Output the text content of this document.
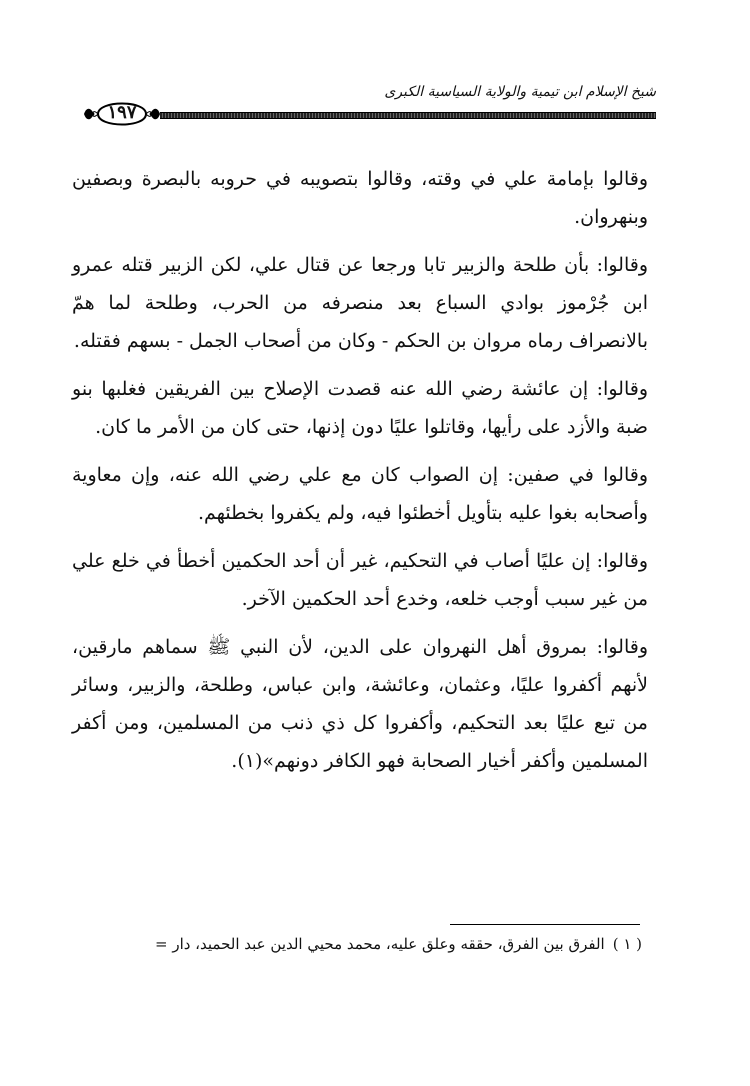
شيخ الإسلام ابن تيمية والولاية السياسية الكبرى
١٩٧

وقالوا بإمامة علي في وقته، وقالوا بتصويبه في حروبه بالبصرة وبصفين وبنهروان.

وقالوا: بأن طلحة والزبير تابا ورجعا عن قتال علي، لكن الزبير قتله عمرو ابن جُرْموز بوادي السباع بعد منصرفه من الحرب، وطلحة لما همّ بالانصراف رماه مروان بن الحكم - وكان من أصحاب الجمل - بسهم فقتله.

وقالوا: إن عائشة رضي الله عنه قصدت الإصلاح بين الفريقين فغلبها بنو ضبة والأزد على رأيها، وقاتلوا عليًا دون إذنها، حتى كان من الأمر ما كان.

وقالوا في صفين: إن الصواب كان مع علي رضي الله عنه، وإن معاوية وأصحابه بغوا عليه بتأويل أخطئوا فيه، ولم يكفروا بخطئهم.

وقالوا: إن عليًا أصاب في التحكيم، غير أن أحد الحكمين أخطأ في خلع علي من غير سبب أوجب خلعه، وخدع أحد الحكمين الآخر.

وقالوا: بمروق أهل النهروان على الدين، لأن النبي ﷺ سماهم مارقين، لأنهم أكفروا عليًا، وعثمان، وعائشة، وابن عباس، وطلحة، والزبير، وسائر من تبع عليًا بعد التحكيم، وأكفروا كل ذي ذنب من المسلمين، ومن أكفر المسلمين وأكفر أخيار الصحابة فهو الكافر دونهم»(١).

( ١ )الفرق بين الفرق، حققه وعلق عليه، محمد محيي الدين عبد الحميد، دار =
